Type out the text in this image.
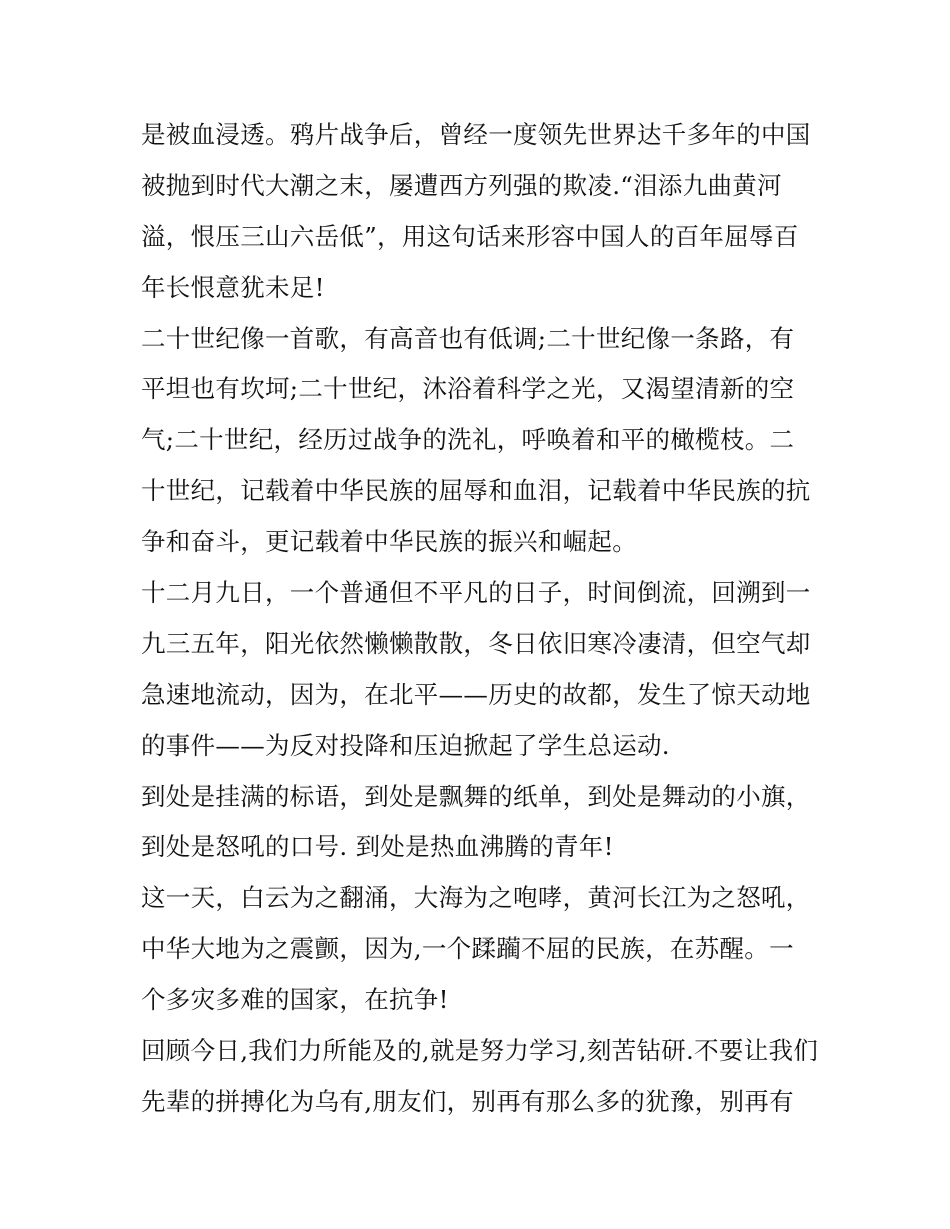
是被血浸透。鸦片战争后，曾经一度领先世界达千多年的中国
被抛到时代大潮之末，屡遭西方列强的欺凌.“泪添九曲黄河
溢，恨压三山六岳低”，用这句话来形容中国人的百年屈辱百
年长恨意犹未足!
二十世纪像一首歌，有高音也有低调;二十世纪像一条路，有
平坦也有坎坷;二十世纪，沐浴着科学之光，又渴望清新的空
气;二十世纪，经历过战争的洗礼，呼唤着和平的橄榄枝。二
十世纪，记载着中华民族的屈辱和血泪，记载着中华民族的抗
争和奋斗，更记载着中华民族的振兴和崛起。
十二月九日，一个普通但不平凡的日子，时间倒流，回溯到一
九三五年，阳光依然懒懒散散，冬日依旧寒冷凄清，但空气却
急速地流动，因为，在北平——历史的故都，发生了惊天动地
的事件——为反对投降和压迫掀起了学生总运动.
到处是挂满的标语，到处是飘舞的纸单，到处是舞动的小旗，
到处是怒吼的口号. 到处是热血沸腾的青年!
这一天，白云为之翻涌，大海为之咆哮，黄河长江为之怒吼，
中华大地为之震颤，因为,一个蹂躏不屈的民族，在苏醒。一
个多灾多难的国家，在抗争!
回顾今日,我们力所能及的,就是努力学习,刻苦钻研.不要让我们
先辈的拼搏化为乌有,朋友们，别再有那么多的犹豫，别再有
